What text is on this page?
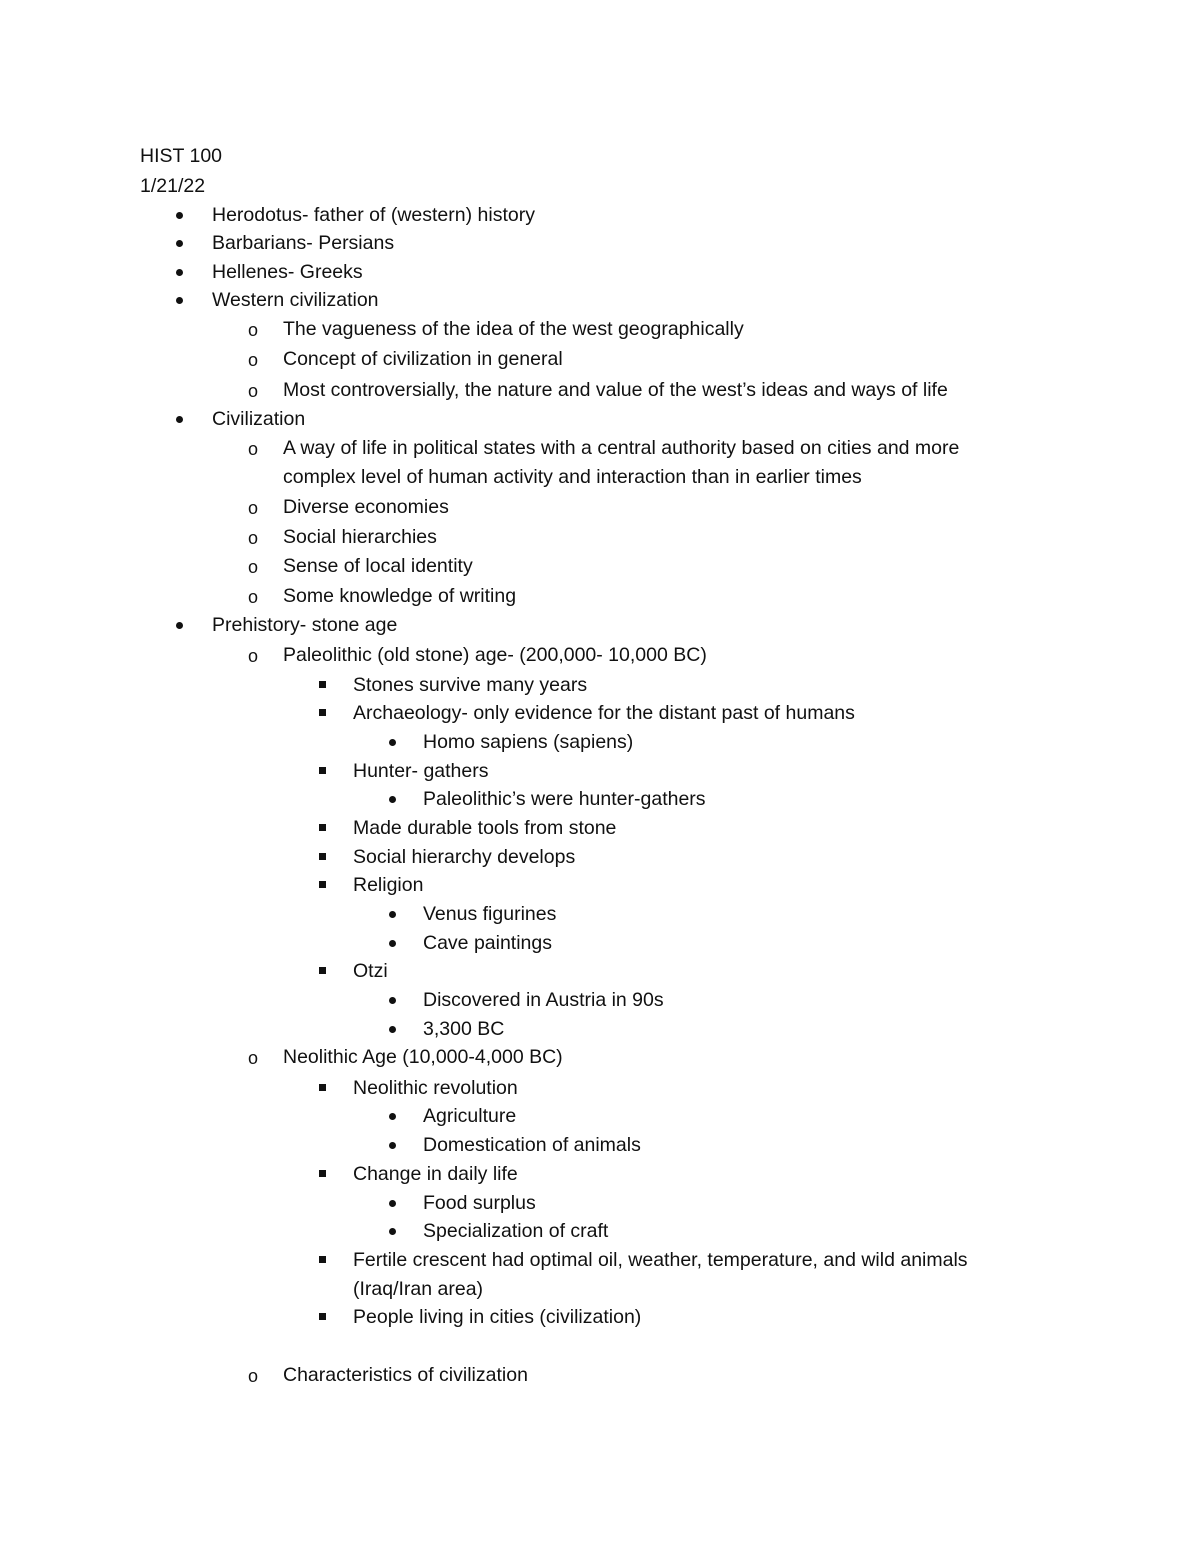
HIST 100
1/21/22
Herodotus- father of (western) history
Barbarians- Persians
Hellenes- Greeks
Western civilization
o The vagueness of the idea of the west geographically
o Concept of civilization in general
o Most controversially, the nature and value of the west’s ideas and ways of life
Civilization
o A way of life in political states with a central authority based on cities and more
complex level of human activity and interaction than in earlier times
o Diverse economies
o Social hierarchies
o Sense of local identity
o Some knowledge of writing
Prehistory- stone age
o Paleolithic (old stone) age- (200,000- 10,000 BC)
Stones survive many years
Archaeology- only evidence for the distant past of humans
Homo sapiens (sapiens)
Hunter- gathers
Paleolithic’s were hunter-gathers
Made durable tools from stone
Social hierarchy develops
Religion
Venus figurines
Cave paintings
Otzi
Discovered in Austria in 90s
3,300 BC
o Neolithic Age (10,000-4,000 BC)
Neolithic revolution
Agriculture
Domestication of animals
Change in daily life
Food surplus
Specialization of craft
Fertile crescent had optimal oil, weather, temperature, and wild animals
(Iraq/Iran area)
People living in cities (civilization)
o Characteristics of civilization
